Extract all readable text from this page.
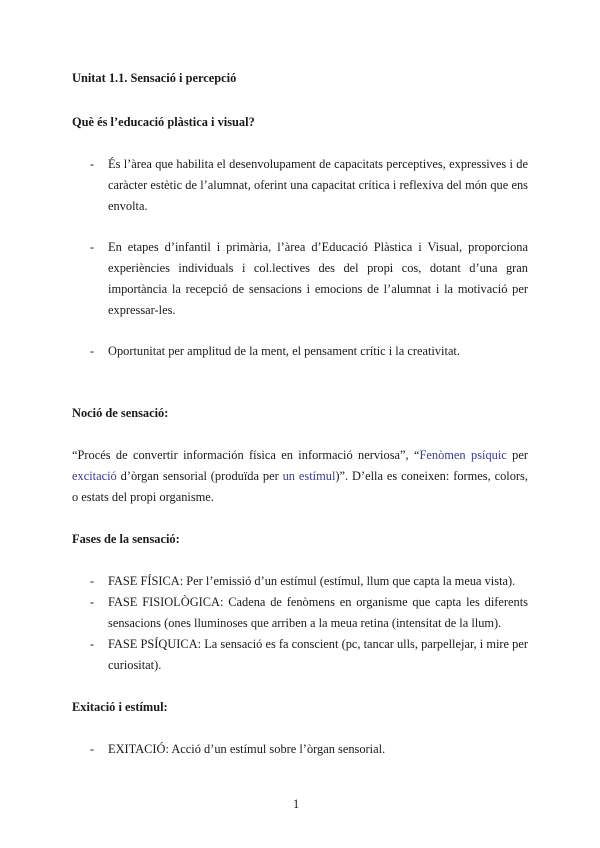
Unitat 1.1. Sensació i percepció

Què és l’educació plàstica i visual?

- És l’àrea que habilita el desenvolupament de capacitats perceptives, expressives i de caràcter estètic de l’alumnat, oferint una capacitat crítica i reflexiva del món que ens envolta.

- En etapes d’infantil i primària, l’àrea d’Educació Plàstica i Visual, proporciona experiències individuals i col.lectives des del propi cos, dotant d’una gran importància la recepció de sensacions i emocions de l’alumnat i la motivació per expressar-les.

- Oportunitat per amplitud de la ment, el pensament crític i la creativitat.

Noció de sensació:

“Procés de convertir información física en informació nerviosa”, “Fenòmen psíquic per excitació d’òrgan sensorial (produïda per un estímul)”. D’ella es coneixen: formes, colors, o estats del propi organisme.

Fases de la sensació:

- FASE FÍSICA: Per l’emissió d’un estímul (estímul, llum que capta la meua vista).

- FASE FISIOLÒGICA: Cadena de fenòmens en organisme que capta les diferents sensacions (ones lluminoses que arriben a la meua retina (intensitat de la llum).

- FASE PSÍQUICA: La sensació es fa conscient (pc, tancar ulls, parpellejar, i mire per curiositat).

Exitació i estímul:

- EXITACIÓ: Acció d’un estímul sobre l’òrgan sensorial.

1
